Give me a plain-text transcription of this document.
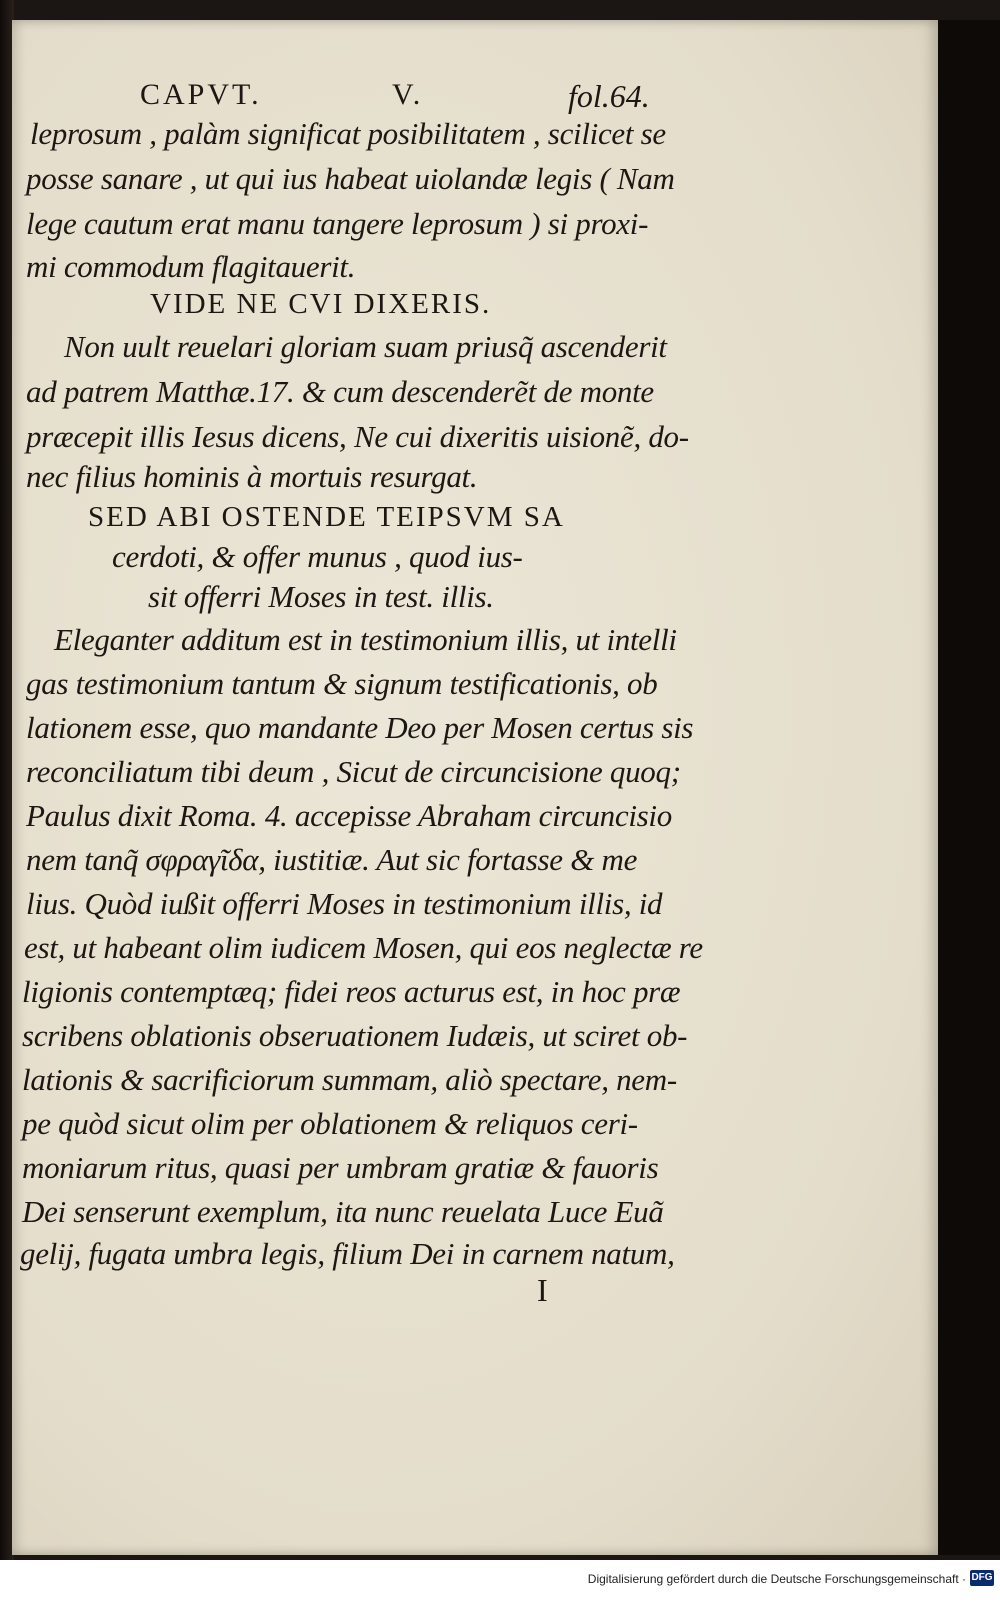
CAPVT.	V.	fol.64.
leprosum , palàm significat posibilitatem , scilicet se
posse sanare , ut qui ius habeat uiolandæ legis ( Nam
lege cautum erat manu tangere leprosum ) si proxi-
mi commodum flagitauerit.
VIDE NE CVI DIXERIS.
Non uult reuelari gloriam suam priusq̃ ascenderit
ad patrem Matthæ.17. & cum descenderẽt de monte
præcepit illis Iesus dicens, Ne cui dixeritis uisionẽ, do-
nec filius hominis à mortuis resurgat.
SED ABI OSTENDE TEIPSVM SA
cerdoti, & offer munus , quod ius-
sit offerri Moses in test. illis.
Eleganter additum est in testimonium illis, ut intelli
gas testimonium tantum & signum testificationis, ob
lationem esse, quo mandante Deo per Mosen certus sis
reconciliatum tibi deum , Sicut de circuncisione quoq;
Paulus dixit Roma. 4. accepisse Abraham circuncisio
nem tanq̃ σφραγῖδα, iustitiæ. Aut sic fortasse & me
lius. Quòd iußit offerri Moses in testimonium illis, id
est, ut habeant olim iudicem Mosen, qui eos neglectæ re
ligionis contemptæq; fidei reos acturus est, in hoc præ
scribens oblationis obseruationem Iudæis, ut sciret ob-
lationis & sacrificiorum summam, aliò spectare, nem-
pe quòd sicut olim per oblationem & reliquos ceri-
moniarum ritus, quasi per umbram gratiæ & fauoris
Dei senserunt exemplum, ita nunc reuelata Luce Euã
gelij, fugata umbra legis, filium Dei in carnem natum,
I
Digitalisierung gefördert durch die Deutsche Forschungsgemeinschaft · DFG
